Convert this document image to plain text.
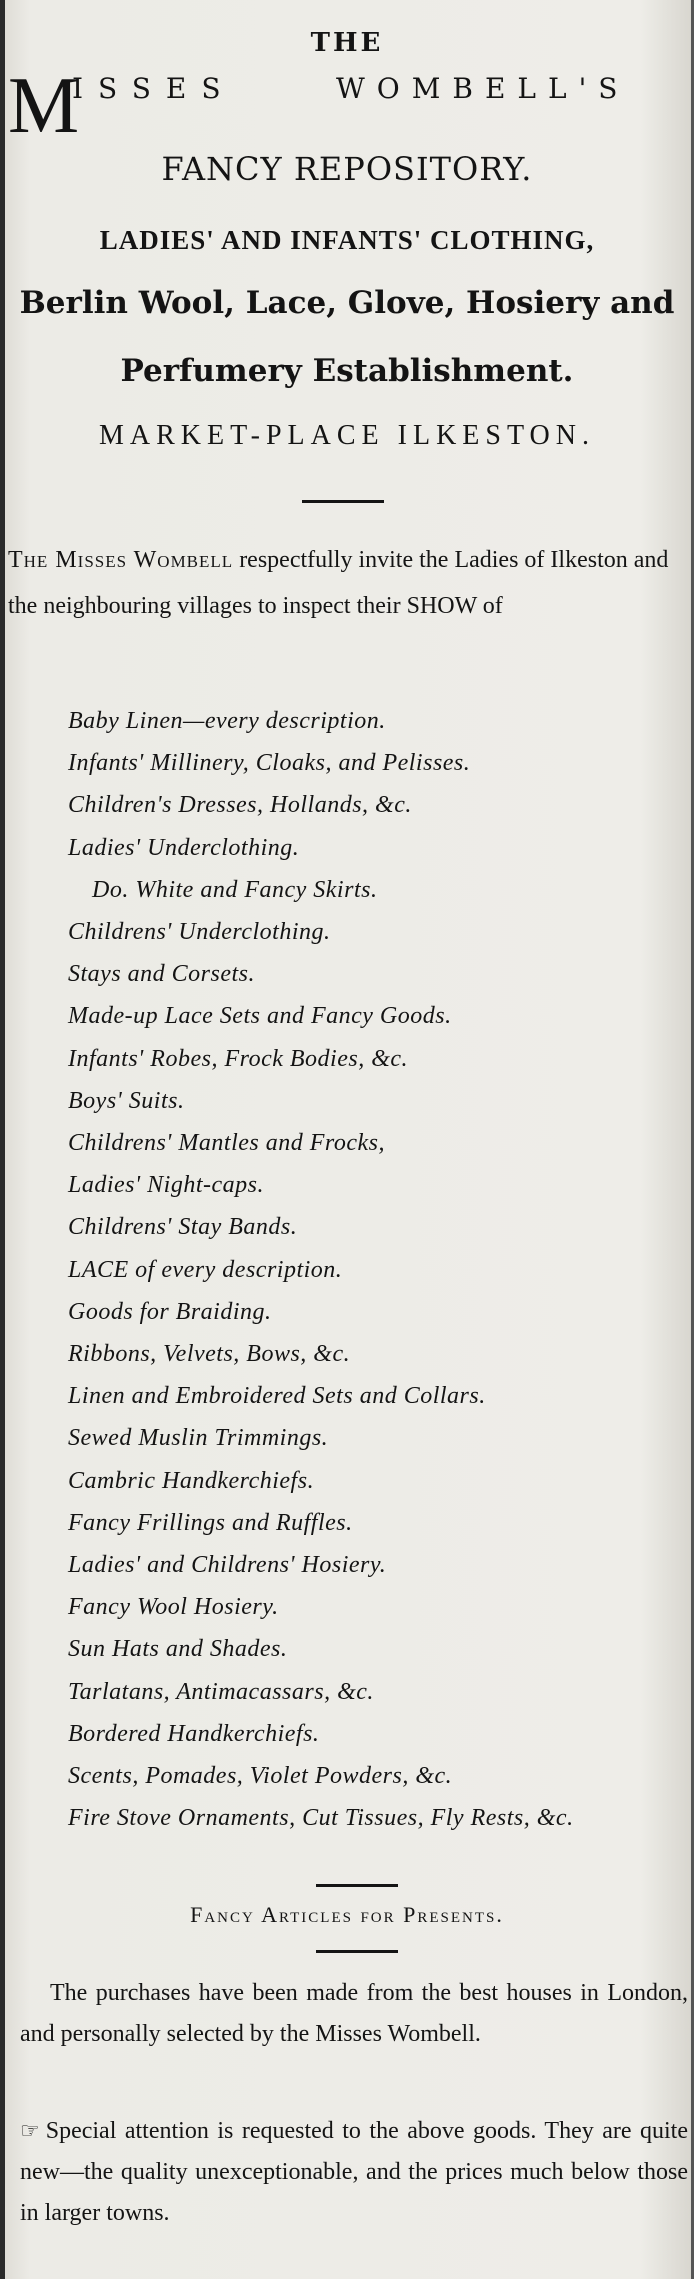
THE
M
ISSES	WOMBELL'S
FANCY REPOSITORY.
LADIES' AND INFANTS' CLOTHING,
Berlin Wool, Lace, Glove, Hosiery and
Perfumery Establishment.
MARKET-PLACE ILKESTON.
The Misses Wombell respectfully invite the Ladies of Ilkeston and the neighbouring villages to inspect their SHOW of
Baby Linen—every description.
Infants' Millinery, Cloaks, and Pelisses.
Children's Dresses, Hollands, &c.
Ladies' Underclothing.
Do. White and Fancy Skirts.
Childrens' Underclothing.
Stays and Corsets.
Made-up Lace Sets and Fancy Goods.
Infants' Robes, Frock Bodies, &c.
Boys' Suits.
Childrens' Mantles and Frocks,
Ladies' Night-caps.
Childrens' Stay Bands.
LACE of every description.
Goods for Braiding.
Ribbons, Velvets, Bows, &c.
Linen and Embroidered Sets and Collars.
Sewed Muslin Trimmings.
Cambric Handkerchiefs.
Fancy Frillings and Ruffles.
Ladies' and Childrens' Hosiery.
Fancy Wool Hosiery.
Sun Hats and Shades.
Tarlatans, Antimacassars, &c.
Bordered Handkerchiefs.
Scents, Pomades, Violet Powders, &c.
Fire Stove Ornaments, Cut Tissues, Fly Rests, &c.
Fancy Articles for Presents.
The purchases have been made from the best houses in London, and personally selected by the Misses Wombell.
☞ Special attention is requested to the above goods. They are quite new—the quality unexceptionable, and the prices much below those in larger towns.
